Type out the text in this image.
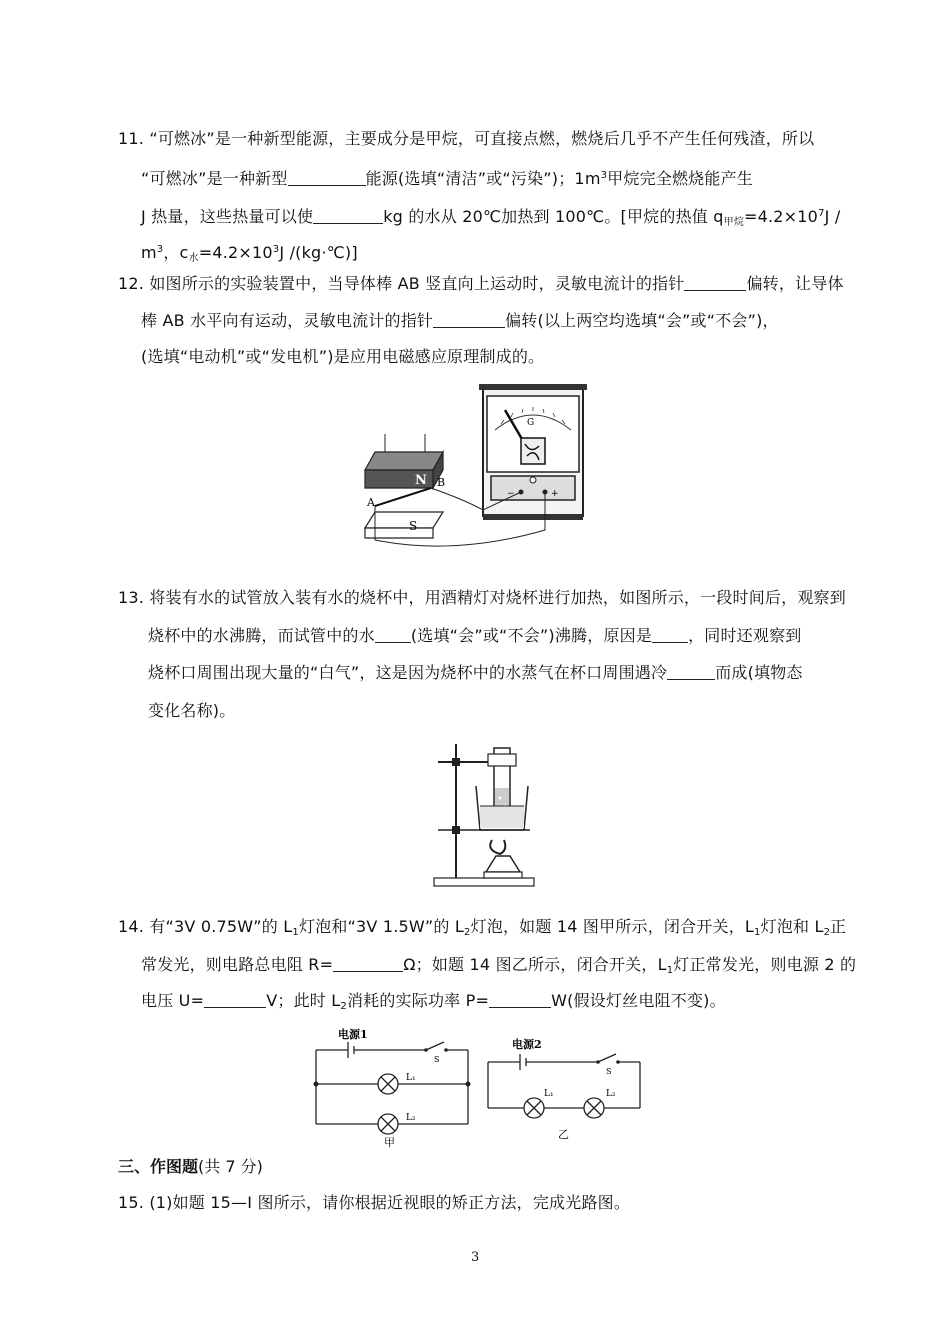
11. “可燃冰”是一种新型能源，主要成分是甲烷，可直接点燃，燃烧后几乎不产生任何残渣，所以
“可燃冰”是一种新型	能源(选填“清洁”或“污染”)；$1m^3$甲烷完全燃烧能产生
J 热量，这些热量可以使	kg 的水从 20℃加热到 100℃。[甲烷的热值 $q_{甲烷}=4.2\times 10^7J$ /
$m^3$，$c_水=4.2\times 10^3J$ /(kg·℃)]
12. 如图所示的实验装置中，当导体棒 AB 竖直向上运动时，灵敏电流计的指针	偏转，让导体
棒 AB 水平向有运动，灵敏电流计的指针	偏转(以上两空均选填“会”或“不会”)，
(选填“电动机”或“发电机”)是应用电磁感应原理制成的。
G
−	+
N
S
A
B
13. 将装有水的试管放入装有水的烧杯中，用酒精灯对烧杯进行加热，如图所示，一段时间后，观察到
烧杯中的水沸腾，而试管中的水 (选填“会”或“不会”)沸腾，原因是 ，同时还观察到
烧杯口周围出现大量的“白气”，这是因为烧杯中的水蒸气在杯口周围遇冷	而成(填物态
变化名称)。
14. 有“3V 0.75W”的 $L_1$灯泡和“3V 1.5W”的 $L_2$灯泡，如题 14 图甲所示，闭合开关，$L_1$灯泡和 $L_2$正
常发光，则电路总电阻 R=	Ω；如题 14 图乙所示，闭合开关，$L_1$灯正常发光，则电源 2 的
电压 U=	V；此时 $L_2$消耗的实际功率 P=	W(假设灯丝电阻不变)。
电源1
S
L₁
L₂
甲
电源2
S
L₁	L₂
乙
三、作图题(共 7 分)
15. (1)如题 15—I 图所示，请你根据近视眼的矫正方法，完成光路图。
3
